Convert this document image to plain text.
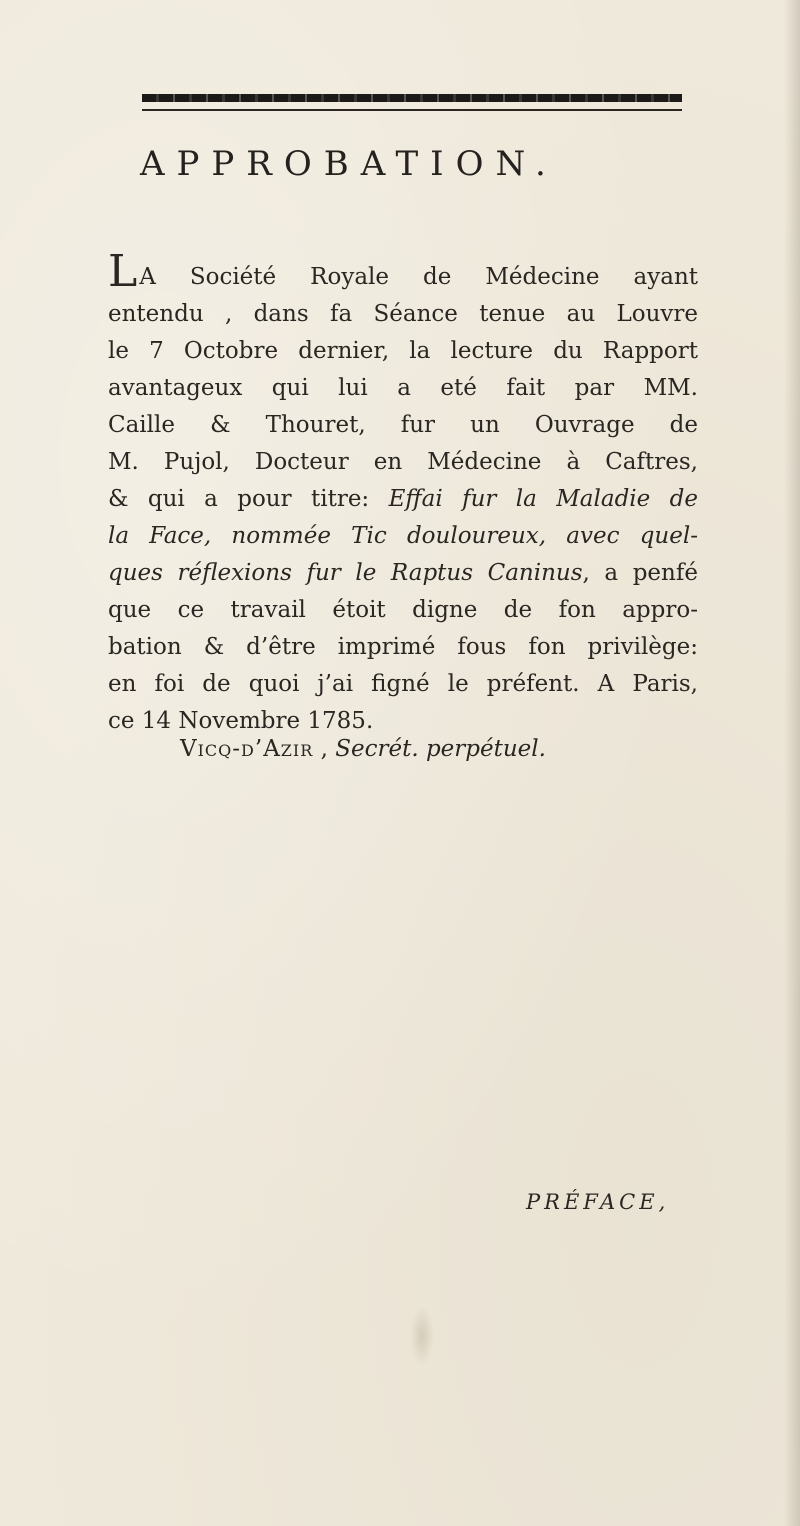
APPROBATION.
LA Société Royale de Médecine ayant
entendu , dans fa Séance tenue au Louvre
le 7 Octobre dernier, la lecture du Rapport
avantageux qui lui a eté fait par MM.
Caille & Thouret, fur un Ouvrage de
M. Pujol, Docteur en Médecine à Caftres,
& qui a pour titre: Effai fur la Maladie de
la Face, nommée Tic douloureux, avec quel-
ques réflexions fur le Raptus Caninus, a penfé
que ce travail étoit digne de fon appro-
bation & d’être imprimé fous fon privilège:
en foi de quoi j’ai figné le préfent. A Paris,
ce 14 Novembre 1785.
Vicq-d’Azir , Secrét. perpétuel.
PRÉFACE,
